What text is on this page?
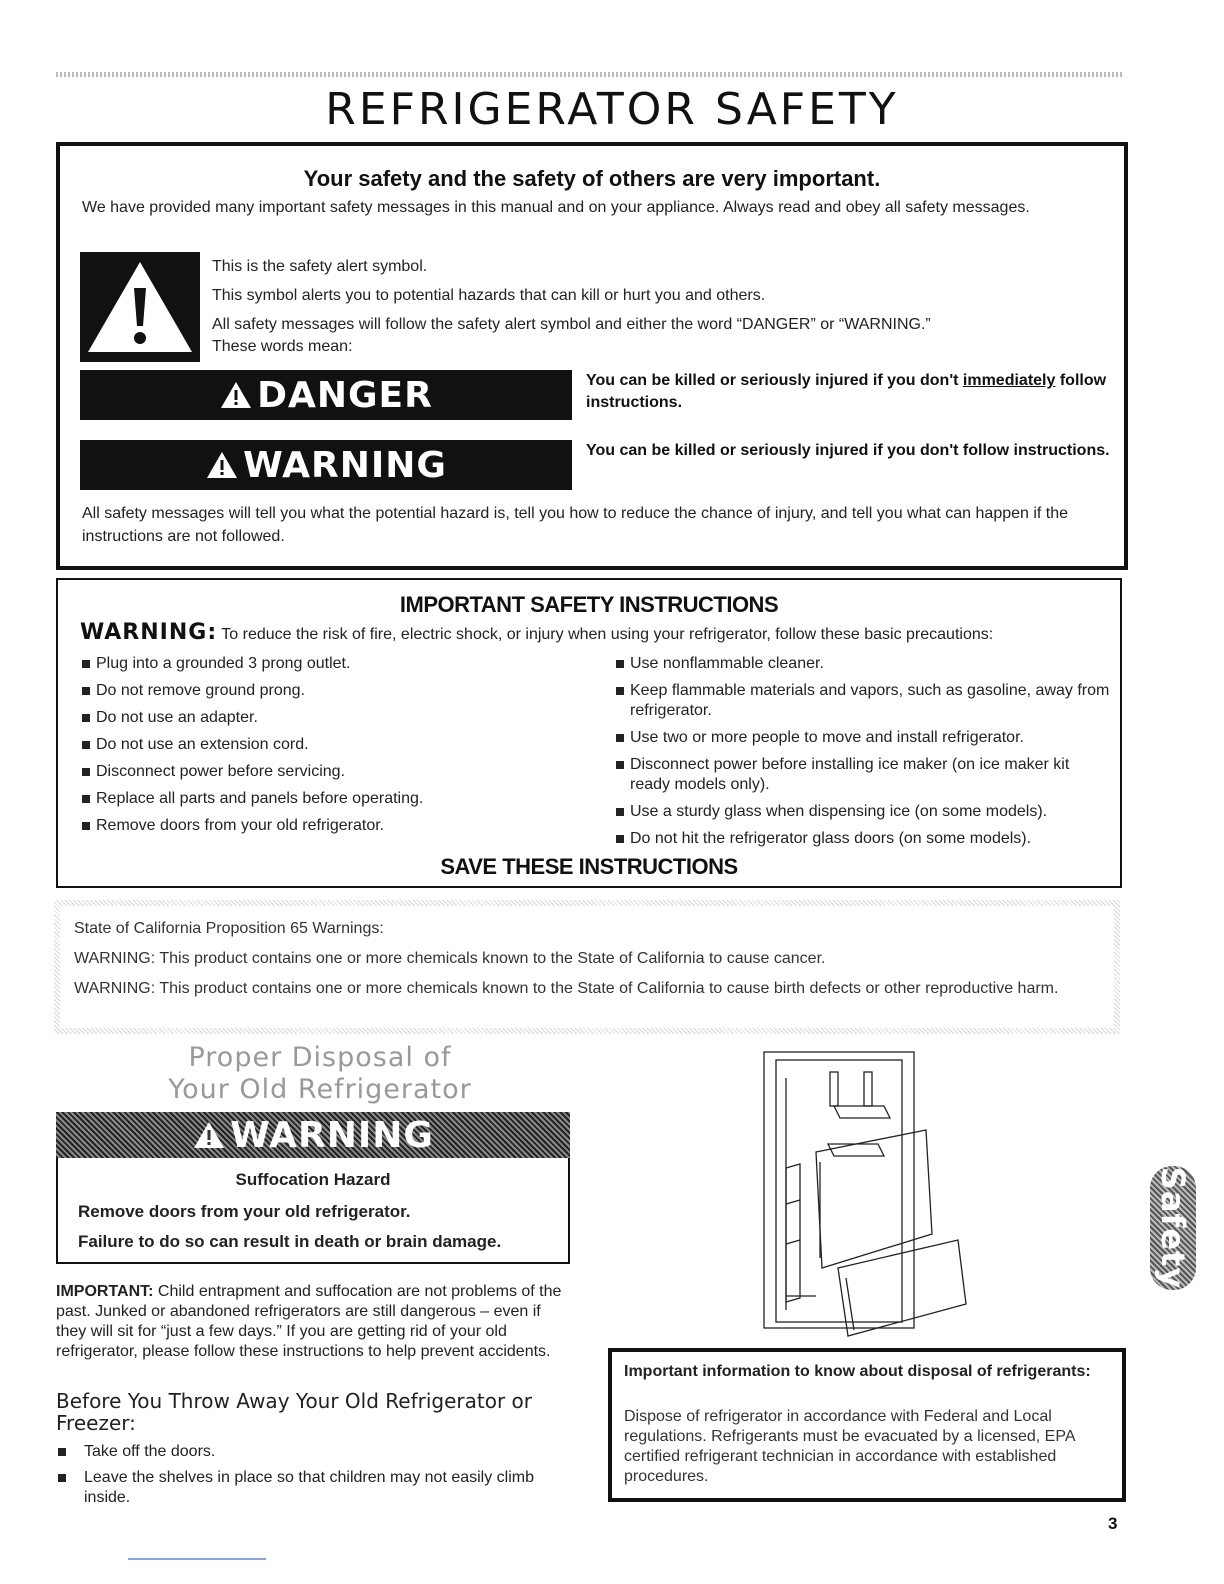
REFRIGERATOR SAFETY
Your safety and the safety of others are very important.
We have provided many important safety messages in this manual and on your appliance. Always read and obey all safety messages.
This is the safety alert symbol.
This symbol alerts you to potential hazards that can kill or hurt you and others.
All safety messages will follow the safety alert symbol and either the word “DANGER” or “WARNING.”
These words mean:
DANGER	You can be killed or seriously injured if you don't immediately follow instructions.
WARNING	You can be killed or seriously injured if you don't follow instructions.
All safety messages will tell you what the potential hazard is, tell you how to reduce the chance of injury, and tell you what can happen if the instructions are not followed.
IMPORTANT SAFETY INSTRUCTIONS
WARNING: To reduce the risk of fire, electric shock, or injury when using your refrigerator, follow these basic precautions:
Plug into a grounded 3 prong outlet.
Do not remove ground prong.
Do not use an adapter.
Do not use an extension cord.
Disconnect power before servicing.
Replace all parts and panels before operating.
Remove doors from your old refrigerator.
Use nonflammable cleaner.
Keep flammable materials and vapors, such as gasoline, away from refrigerator.
Use two or more people to move and install refrigerator.
Disconnect power before installing ice maker (on ice maker kit ready models only).
Use a sturdy glass when dispensing ice (on some models).
Do not hit the refrigerator glass doors (on some models).
SAVE THESE INSTRUCTIONS
State of California Proposition 65 Warnings:
WARNING: This product contains one or more chemicals known to the State of California to cause cancer.
WARNING: This product contains one or more chemicals known to the State of California to cause birth defects or other reproductive harm.
Proper Disposal of
Your Old Refrigerator
WARNING
Suffocation Hazard
Remove doors from your old refrigerator.
Failure to do so can result in death or brain damage.
IMPORTANT: Child entrapment and suffocation are not problems of the past. Junked or abandoned refrigerators are still dangerous – even if they will sit for “just a few days.” If you are getting rid of your old refrigerator, please follow these instructions to help prevent accidents.
Before You Throw Away Your Old Refrigerator or Freezer:
Take off the doors.
Leave the shelves in place so that children may not easily climb inside.
Important information to know about disposal of refrigerants:
Dispose of refrigerator in accordance with Federal and Local regulations. Refrigerants must be evacuated by a licensed, EPA certified refrigerant technician in accordance with established procedures.
Safety
3
